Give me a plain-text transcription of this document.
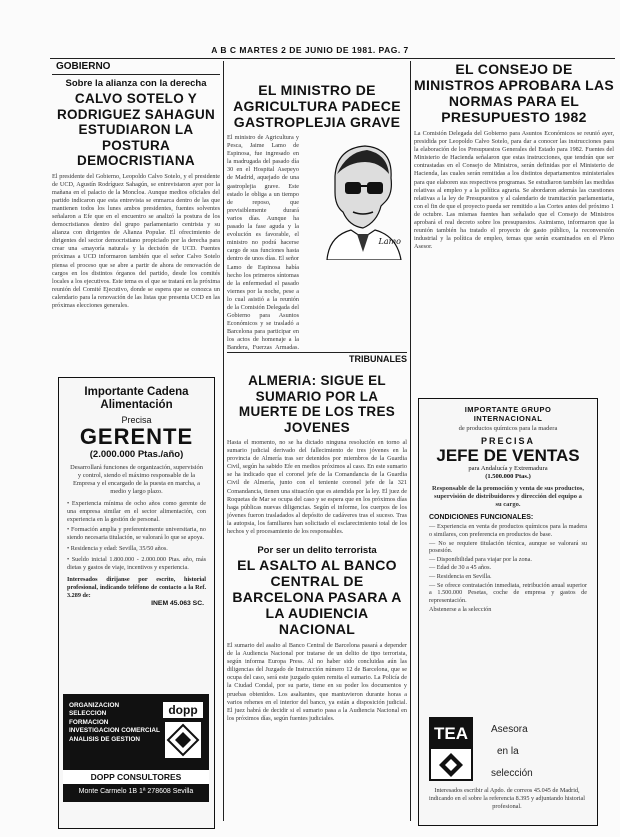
A B C MARTES 2 DE JUNIO DE 1981. PAG. 7
GOBIERNO
Sobre la alianza con la derecha
CALVO SOTELO Y RODRIGUEZ SAHAGUN ESTUDIARON LA POSTURA DEMOCRISTIANA
El presidente del Gobierno, Leopoldo Calvo Sotelo, y el presidente de UCD, Agustín Rodríguez Sahagún, se entrevistaron ayer por la mañana en el palacio de la Moncloa. Aunque medios oficiales del partido indicaron que esta entrevista se enmarca dentro de las que mantienen todos los lunes ambos presidentes, fuentes solventes señalaron a Efe que en el encuentro se analizó la postura de los democristianos dentro del grupo parlamentario centrista y su alianza con dirigentes de Alianza Popular. El ofrecimiento de dirigentes del sector democristiano propiciado por la derecha para crear una «mayoría natural» y la decisión de UCD. Fuentes próximas a UCD informaron también que el señor Calvo Sotelo piensa el proceso que se abre a partir de ahora de renovación de cargos en los distintos órganos del partido, desde los comités locales a los ejecutivos. Este tema es el que se tratará en la próxima reunión del Comité Ejecutivo, donde se espera que se conozca un calendario para la renovación de las listas que presenta UCD en las próximas elecciones generales.
Importante Cadena
Alimentación
Precisa
GERENTE
(2.000.000 Ptas./año)
Desarrollará funciones de organización, supervisión y control, siendo el máximo responsable de la Empresa y el encargado de la puesta en marcha, a medio y largo plazo.
• Experiencia mínima de ocho años como gerente de una empresa similar en el sector alimentación, con experiencia en la gestión de personal.
• Formación amplia y preferentemente universitaria, no siendo necesaria titulación, se valorará lo que se apoya.
• Residencia y edad: Sevilla, 35/50 años.
• Sueldo inicial 1.800.000 - 2.000.000 Ptas. año, más dietas y gastos de viaje, incentivos y experiencia.
Interesados dirijanse por escrito, historial profesional, indicando teléfono de contacto a la Ref. 3.289 de:
INEM 45.063 SC.
ORGANIZACION
SELECCION
FORMACION
INVESTIGACION COMERCIAL
ANALISIS DE GESTION
dopp
DOPP CONSULTORES
Monte Carmelo 1B 1ª 278608 Sevilla
EL MINISTRO DE AGRICULTURA PADECE GASTROPLEJIA GRAVE
El ministro de Agricultura y Pesca, Jaime Lamo de Espinosa, fue ingresado en la madrugada del pasado día 30 en el Hospital Asepeyo de Madrid, aquejado de una gastroplejia grave. Este estado le obliga a un tiempo de reposo, que previsiblemente durará varios días. Aunque ha pasado la fase aguda y la evolución es favorable, el ministro no podrá hacerse cargo de sus funciones hasta dentro de unos días. El señor Lamo de Espinosa había hecho los primeros síntomas de la enfermedad el pasado viernes por la noche, pese a lo cual asistió a la reunión de la Comisión Delegada del Gobierno para Asuntos Económicos y se trasladó a Barcelona para participar en los actos de homenaje a la Bandera, Fuerzas Armadas.
Lamo
TRIBUNALES
ALMERIA: SIGUE EL SUMARIO POR LA MUERTE DE LOS TRES JOVENES
Hasta el momento, no se ha dictado ninguna resolución en torno al sumario judicial derivado del fallecimiento de tres jóvenes en la provincia de Almería tras ser detenidos por miembros de la Guardia Civil, según ha sabido Efe en medios próximos al caso. En este sumario se ha indicado que el coronel jefe de la Comandancia de la Guardia Civil de Almería, junto con el teniente coronel jefe de la 321 Comandancia, tienen una situación que es atendida por la ley. El juez de Roquetas de Mar se ocupa del caso y se espera que en los próximos días haga públicas nuevas diligencias. Según el informe, los cuerpos de los jóvenes fueron trasladados al depósito de cadáveres tras el suceso. Tras la autopsia, los familiares han solicitado el esclarecimiento total de los hechos y el procesamiento de los responsables.
Por ser un delito terrorista
EL ASALTO AL BANCO CENTRAL DE BARCELONA PASARA A LA AUDIENCIA NACIONAL
El sumario del asalto al Banco Central de Barcelona pasará a depender de la Audiencia Nacional por tratarse de un delito de tipo terrorista, según informa Europa Press. Al no haber sido concluidas aún las diligencias del Juzgado de Instrucción número 12 de Barcelona, que se ocupa del caso, será este juzgado quien remita el sumario. La Policía de la Ciudad Condal, por su parte, tiene en su poder los documentos y pruebas obtenidos. Los asaltantes, que mantuvieron durante horas a varios rehenes en el interior del banco, ya están a disposición judicial. El juez habrá de decidir si el sumario pasa a la Audiencia Nacional en los próximos días, según fuentes judiciales.
EL CONSEJO DE MINISTROS APROBARA LAS NORMAS PARA EL PRESUPUESTO 1982
La Comisión Delegada del Gobierno para Asuntos Económicos se reunió ayer, presidida por Leopoldo Calvo Sotelo, para dar a conocer las instrucciones para la elaboración de los Presupuestos Generales del Estado para 1982. Fuentes del Ministerio de Hacienda señalaron que estas instrucciones, que tendrán que ser contrastadas en el Consejo de Ministros, serán definidas por el Ministerio de Hacienda, las cuales serán remitidas a los distintos departamentos ministeriales para que elaboren sus respectivos programas. Se estudiaron también las medidas relativas al empleo y a la política agraria. Se abordaron además las cuestiones relativas a la ley de Presupuestos y al calendario de tramitación parlamentaria, con el fin de que el proyecto pueda ser remitido a las Cortes antes del próximo 1 de octubre. Las mismas fuentes han señalado que el Consejo de Ministros aprobará el real decreto sobre los presupuestos. Asimismo, informaron que la reunión también ha tratado el proyecto de gasto público, la reconversión industrial y la política de empleo, temas que serán examinados en el Pleno Asesor.
IMPORTANTE GRUPO
INTERNACIONAL
de productos químicos para la madera
PRECISA
JEFE DE VENTAS
para Andalucía y Extremadura
(1.500.000 Ptas.)
Responsable de la promoción y venta de sus productos, supervisión de distribuidores y dirección del equipo a su cargo.
CONDICIONES FUNCIONALES:
— Experiencia en venta de productos químicos para la madera o similares, con preferencia en productos de base.
— No se requiere titulación técnica, aunque se valorará su posesión.
— Disponibilidad para viajar por la zona.
— Edad de 30 a 45 años.
— Residencia en Sevilla.
— Se ofrece contratación inmediata, retribución anual superior a 1.500.000 Pesetas, coche de empresa y gastos de representación.
Abstenerse a la selección
TEA	Asesora
en la
selección
Interesados escribir al Apdo. de correos 45.045 de Madrid, indicando en el sobre la referencia 8.395 y adjuntando historial profesional.
